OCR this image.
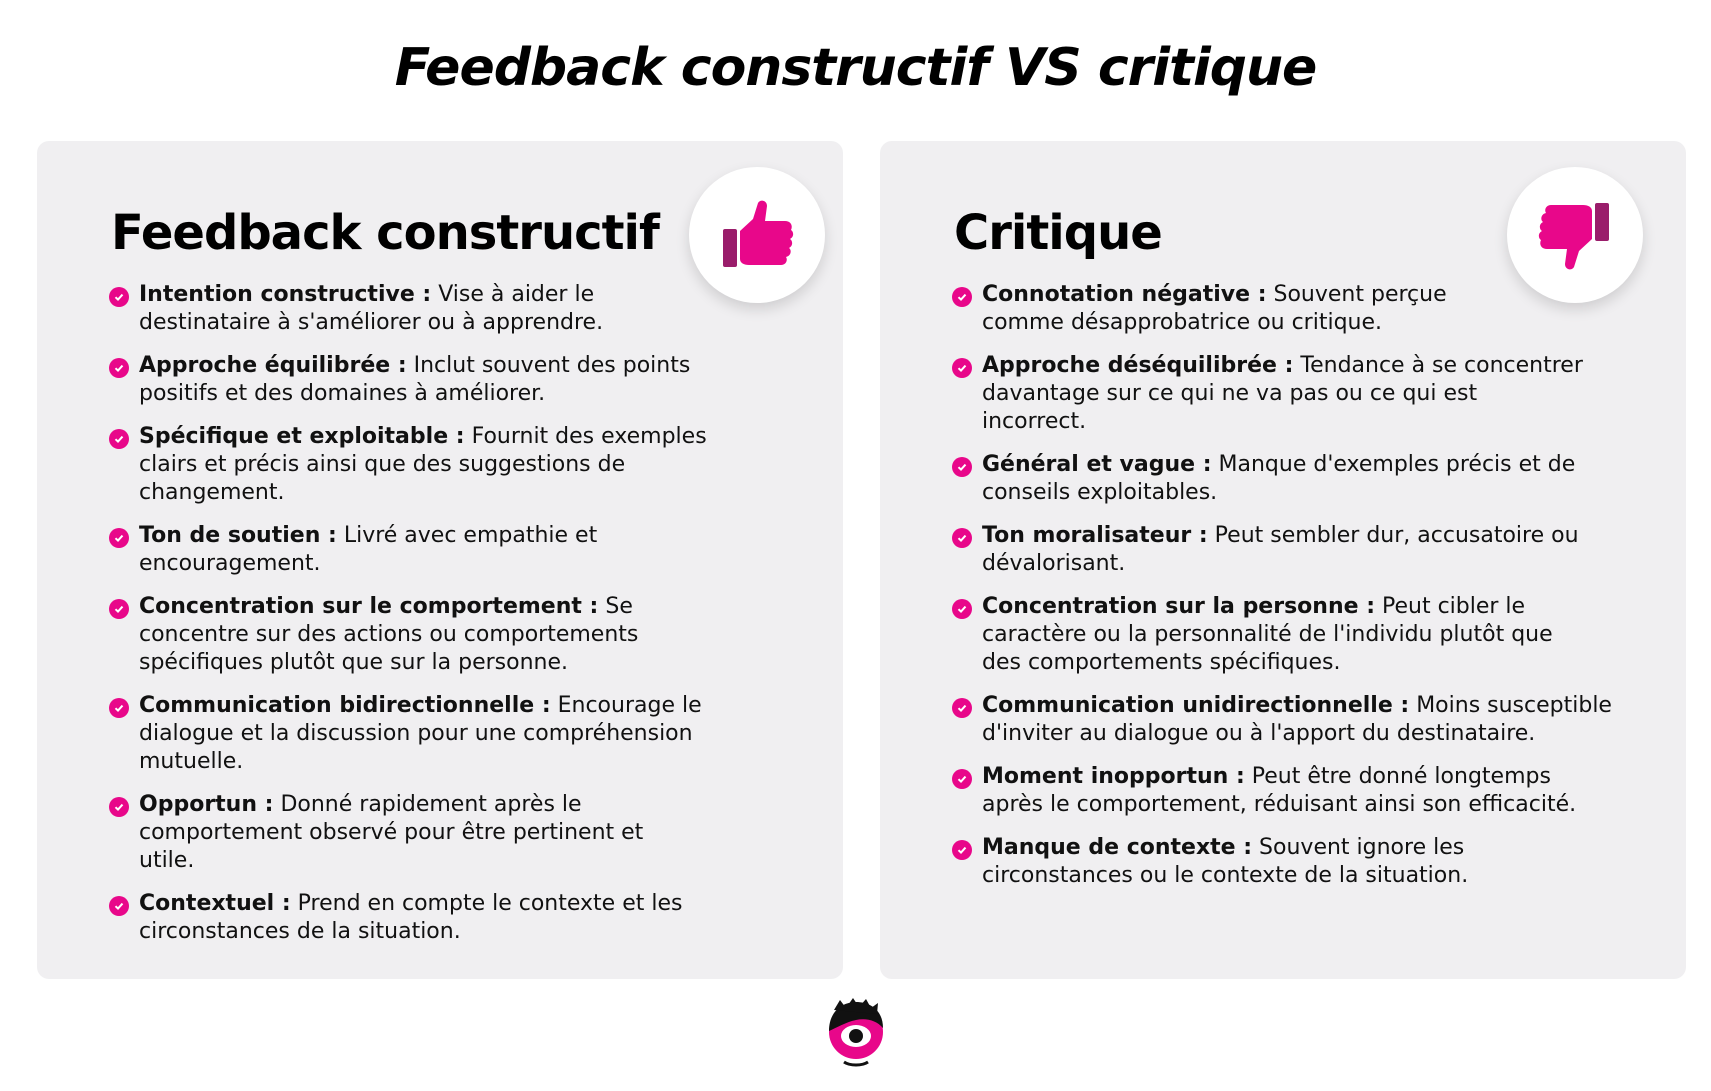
Feedback constructif VS critique
Feedback constructif
Intention constructive : Vise à aider le
destinataire à s'améliorer ou à apprendre.
Approche équilibrée : Inclut souvent des points
positifs et des domaines à améliorer.
Spécifique et exploitable : Fournit des exemples
clairs et précis ainsi que des suggestions de
changement.
Ton de soutien : Livré avec empathie et
encouragement.
Concentration sur le comportement : Se
concentre sur des actions ou comportements
spécifiques plutôt que sur la personne.
Communication bidirectionnelle : Encourage le
dialogue et la discussion pour une compréhension
mutuelle.
Opportun : Donné rapidement après le
comportement observé pour être pertinent et
utile.
Contextuel : Prend en compte le contexte et les
circonstances de la situation.
Critique
Connotation négative : Souvent perçue
comme désapprobatrice ou critique.
Approche déséquilibrée : Tendance à se concentrer
davantage sur ce qui ne va pas ou ce qui est
incorrect.
Général et vague : Manque d'exemples précis et de
conseils exploitables.
Ton moralisateur : Peut sembler dur, accusatoire ou
dévalorisant.
Concentration sur la personne : Peut cibler le
caractère ou la personnalité de l'individu plutôt que
des comportements spécifiques.
Communication unidirectionnelle : Moins susceptible
d'inviter au dialogue ou à l'apport du destinataire.
Moment inopportun : Peut être donné longtemps
après le comportement, réduisant ainsi son efficacité.
Manque de contexte : Souvent ignore les
circonstances ou le contexte de la situation.
